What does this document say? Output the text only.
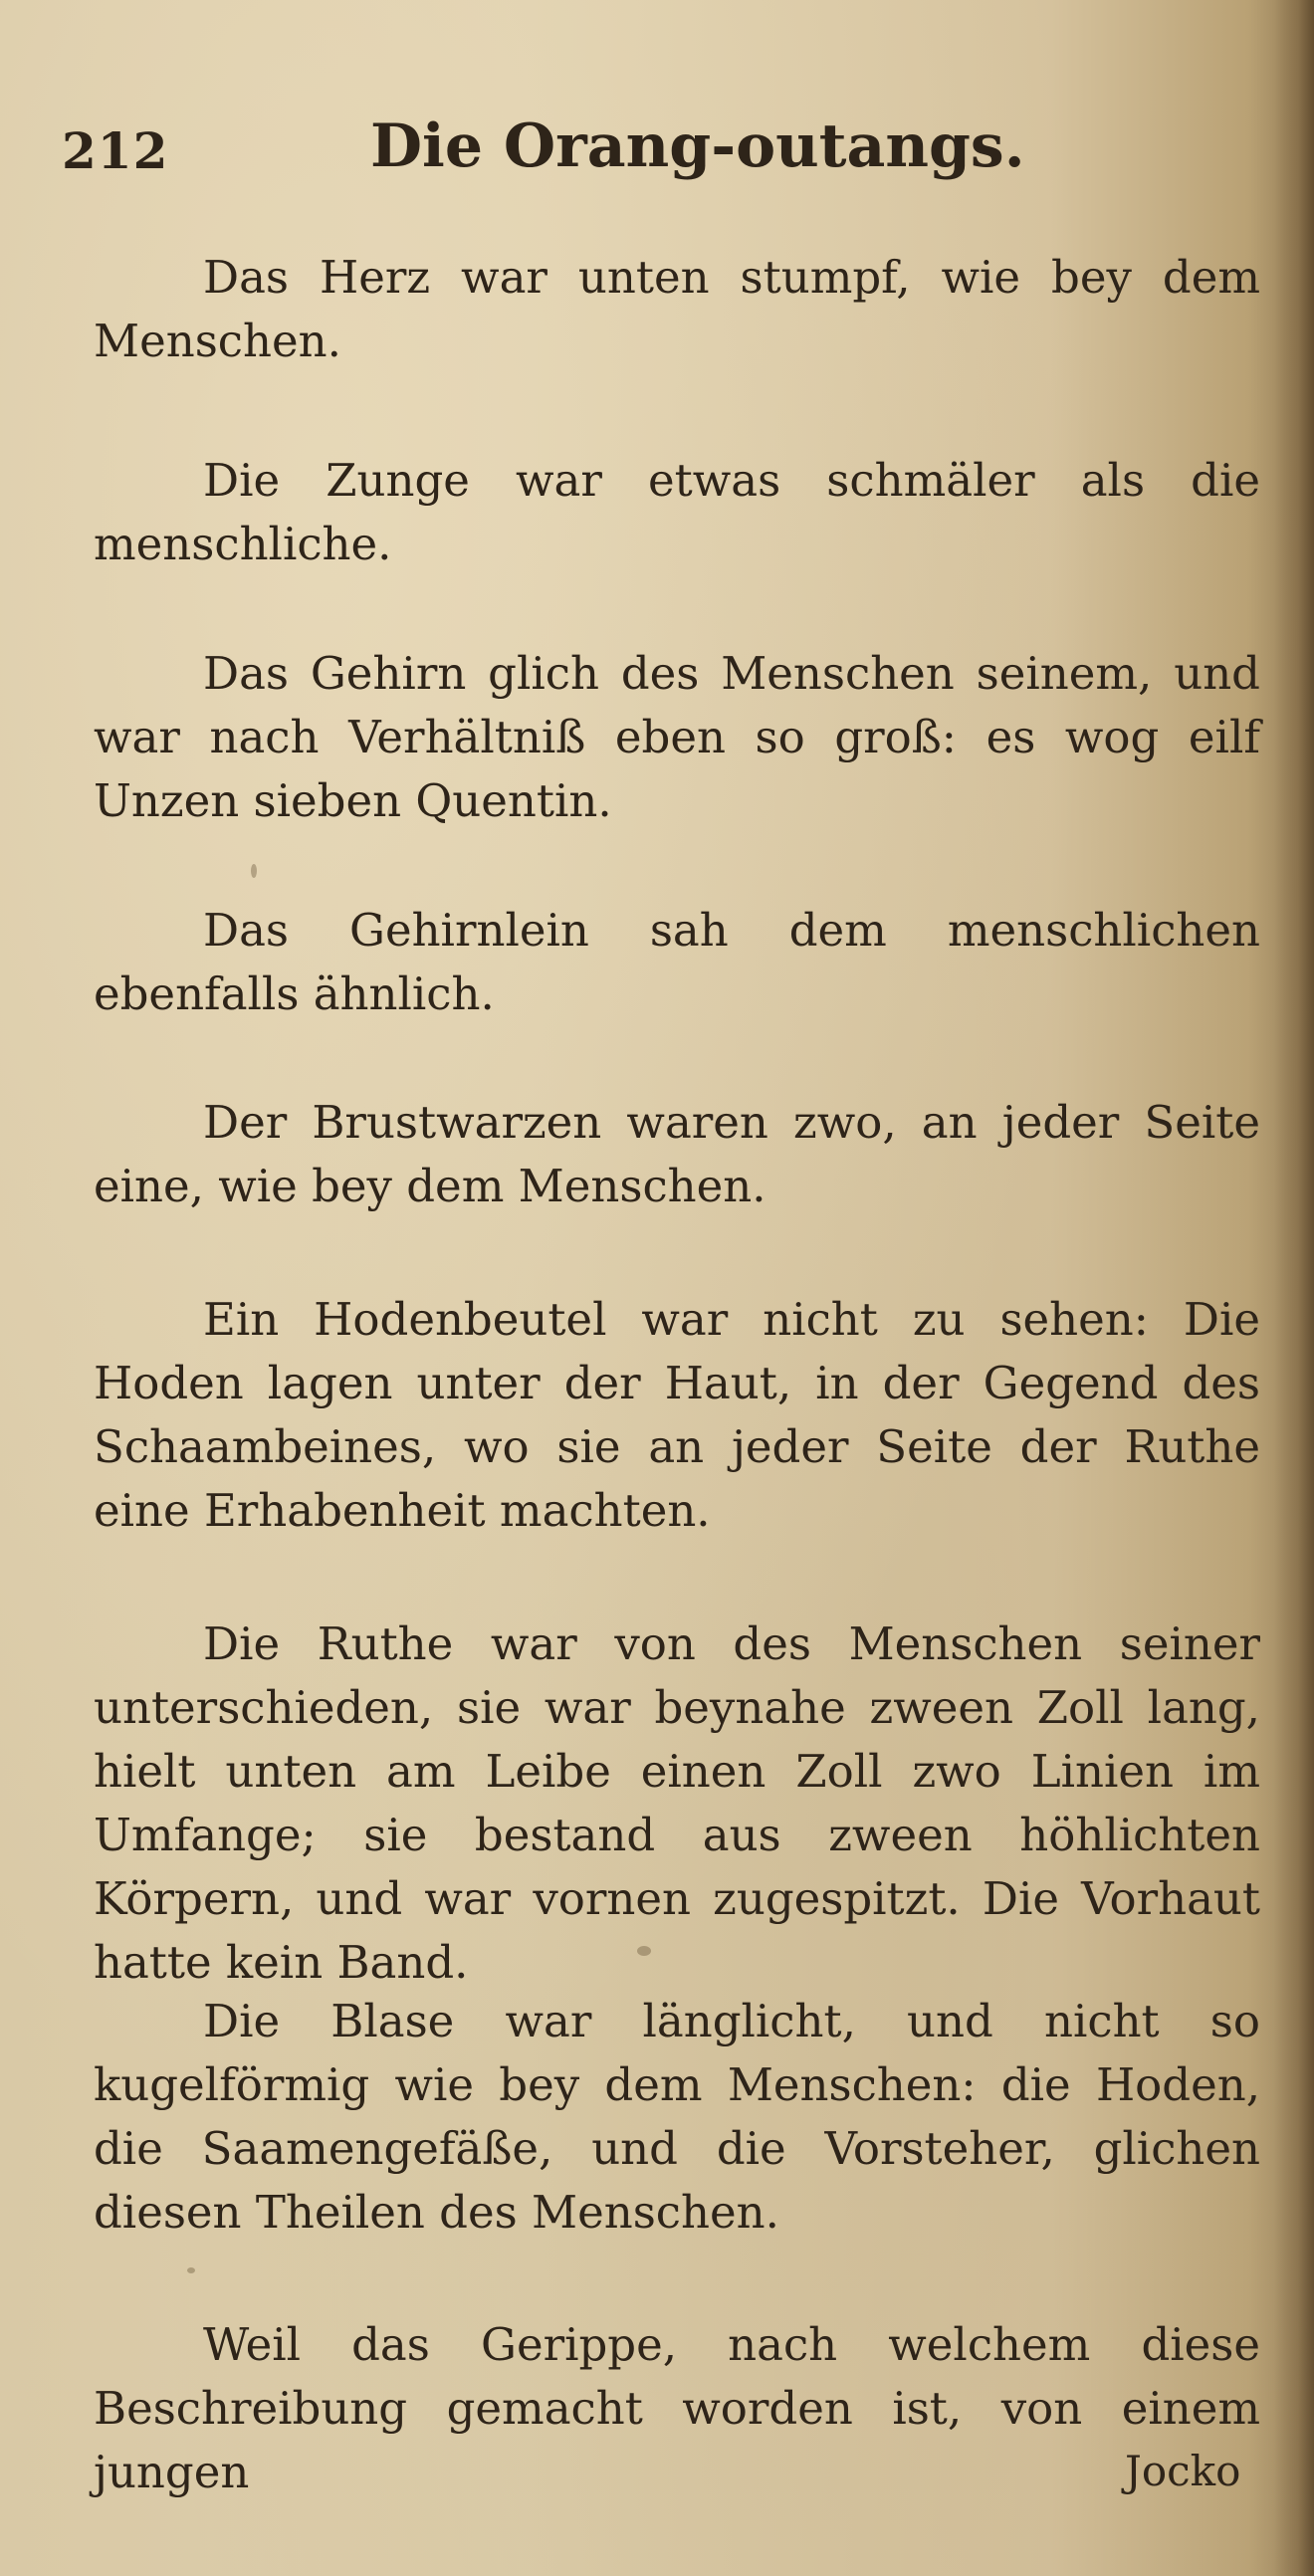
212	Die Orang-outangs.

Das Herz war unten stumpf, wie bey dem Menschen.

Die Zunge war etwas schmäler als die menschliche.

Das Gehirn glich des Menschen seinem, und war nach Verhältniß eben so groß: es wog eilf Unzen sieben Quentin.

Das Gehirnlein sah dem menschlichen ebenfalls ähnlich.

Der Brustwarzen waren zwo, an jeder Seite eine, wie bey dem Menschen.

Ein Hodenbeutel war nicht zu sehen: Die Hoden lagen unter der Haut, in der Gegend des Schaambeines, wo sie an jeder Seite der Ruthe eine Erhabenheit machten.

Die Ruthe war von des Menschen seiner unterschieden, sie war beynahe zween Zoll lang, hielt unten am Leibe einen Zoll zwo Linien im Umfange; sie bestand aus zween höhlichten Körpern, und war vornen zugespitzt. Die Vorhaut hatte kein Band.

Die Blase war länglicht, und nicht so kugelförmig wie bey dem Menschen: die Hoden, die Saamengefäße, und die Vorsteher, glichen diesen Theilen des Menschen.

Weil das Gerippe, nach welchem diese Beschreibung gemacht worden ist, von einem jungen	Jocko
